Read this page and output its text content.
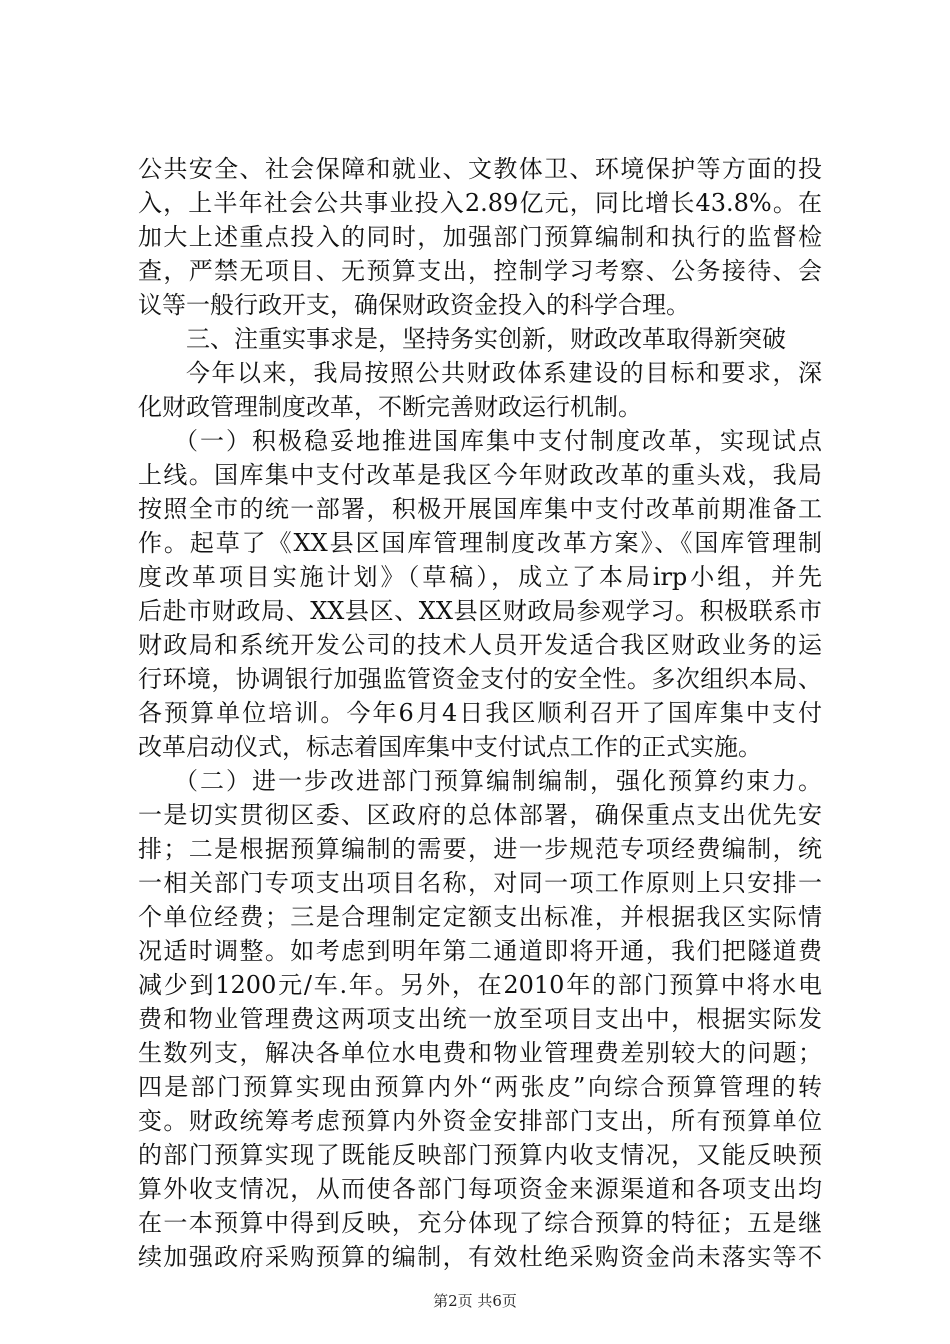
公共安全、社会保障和就业、文教体卫、环境保护等方面的投
入，上半年社会公共事业投入2.89亿元，同比增长43.8%。在
加大上述重点投入的同时，加强部门预算编制和执行的监督检
查，严禁无项目、无预算支出，控制学习考察、公务接待、会
议等一般行政开支，确保财政资金投入的科学合理。
三、注重实事求是，坚持务实创新，财政改革取得新突破
今年以来，我局按照公共财政体系建设的目标和要求，深
化财政管理制度改革，不断完善财政运行机制。
（一）积极稳妥地推进国库集中支付制度改革，实现试点
上线。国库集中支付改革是我区今年财政改革的重头戏，我局
按照全市的统一部署，积极开展国库集中支付改革前期准备工
作。起草了《XX县区国库管理制度改革方案》、《国库管理制
度改革项目实施计划》（草稿），成立了本局irp小组，并先
后赴市财政局、XX县区、XX县区财政局参观学习。积极联系市
财政局和系统开发公司的技术人员开发适合我区财政业务的运
行环境，协调银行加强监管资金支付的安全性。多次组织本局、
各预算单位培训。今年6月4日我区顺利召开了国库集中支付
改革启动仪式，标志着国库集中支付试点工作的正式实施。
（二）进一步改进部门预算编制编制，强化预算约束力。
一是切实贯彻区委、区政府的总体部署，确保重点支出优先安
排；二是根据预算编制的需要，进一步规范专项经费编制，统
一相关部门专项支出项目名称，对同一项工作原则上只安排一
个单位经费；三是合理制定定额支出标准，并根据我区实际情
况适时调整。如考虑到明年第二通道即将开通，我们把隧道费
减少到1200元/车.年。另外，在2010年的部门预算中将水电
费和物业管理费这两项支出统一放至项目支出中，根据实际发
生数列支，解决各单位水电费和物业管理费差别较大的问题；
四是部门预算实现由预算内外“两张皮”向综合预算管理的转
变。财政统筹考虑预算内外资金安排部门支出，所有预算单位
的部门预算实现了既能反映部门预算内收支情况，又能反映预
算外收支情况，从而使各部门每项资金来源渠道和各项支出均
在一本预算中得到反映，充分体现了综合预算的特征；五是继
续加强政府采购预算的编制，有效杜绝采购资金尚未落实等不
第2页 共6页
